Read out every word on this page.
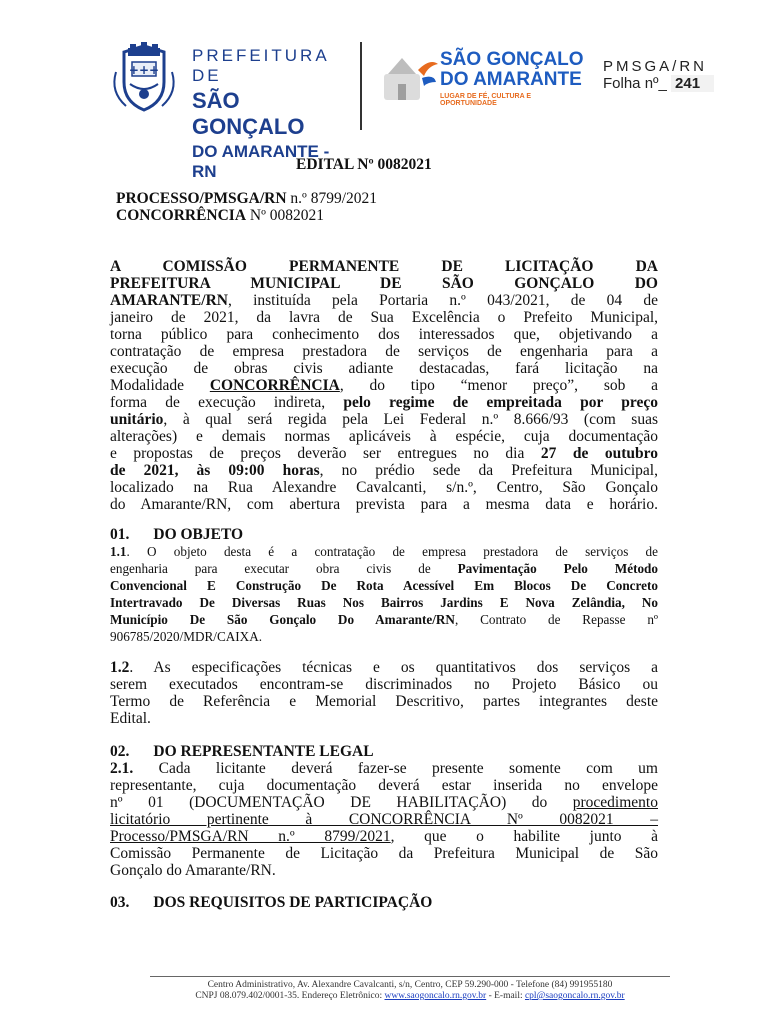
+++
PREFEITURA DE
SÃO GONÇALO
DO AMARANTE - RN
SÃO GONÇALO
DO AMARANTE
LUGAR DE FÉ, CULTURA E OPORTUNIDADE
PMSGA/RN
Folha nº_ 241
EDITAL Nº 0082021
PROCESSO/PMSGA/RN n.º 8799/2021
CONCORRÊNCIA Nº 0082021
A COMISSÃO PERMANENTE DE LICITAÇÃO DA
PREFEITURA MUNICIPAL DE SÃO GONÇALO DO
AMARANTE/RN, instituída pela Portaria n.º 043/2021, de 04 de
janeiro de 2021, da lavra de Sua Excelência o Prefeito Municipal,
torna público para conhecimento dos interessados que, objetivando a
contratação de empresa prestadora de serviços de engenharia para a
execução de obras civis adiante destacadas, fará licitação na
Modalidade CONCORRÊNCIA, do tipo “menor preço”, sob a
forma de execução indireta, pelo regime de empreitada por preço
unitário, à qual será regida pela Lei Federal n.º 8.666/93 (com suas
alterações) e demais normas aplicáveis à espécie, cuja documentação
e propostas de preços deverão ser entregues no dia 27 de outubro
de 2021, às 09:00 horas, no prédio sede da Prefeitura Municipal,
localizado na Rua Alexandre Cavalcanti, s/n.º, Centro, São Gonçalo
do Amarante/RN, com abertura prevista para a mesma data e horário.
01. DO OBJETO
1.1. O objeto desta é a contratação de empresa prestadora de serviços de
engenharia para executar obra civis de Pavimentação Pelo Método
Convencional E Construção De Rota Acessível Em Blocos De Concreto
Intertravado De Diversas Ruas Nos Bairros Jardins E Nova Zelândia, No
Município De São Gonçalo Do Amarante/RN, Contrato de Repasse nº
906785/2020/MDR/CAIXA.
1.2. As especificações técnicas e os quantitativos dos serviços a
serem executados encontram-se discriminados no Projeto Básico ou
Termo de Referência e Memorial Descritivo, partes integrantes deste
Edital.
02. DO REPRESENTANTE LEGAL
2.1. Cada licitante deverá fazer-se presente somente com um
representante, cuja documentação deverá estar inserida no envelope
nº 01 (DOCUMENTAÇÃO DE HABILITAÇÃO) do procedimento
licitatório pertinente à CONCORRÊNCIA Nº 0082021 –
Processo/PMSGA/RN n.º 8799/2021, que o habilite junto à
Comissão Permanente de Licitação da Prefeitura Municipal de São
Gonçalo do Amarante/RN.
03. DOS REQUISITOS DE PARTICIPAÇÃO
Centro Administrativo, Av. Alexandre Cavalcanti, s/n, Centro, CEP 59.290-000 - Telefone (84) 991955180
CNPJ 08.079.402/0001-35. Endereço Eletrônico: www.saogoncalo.rn.gov.br - E-mail: cpl@saogoncalo.rn.gov.br
